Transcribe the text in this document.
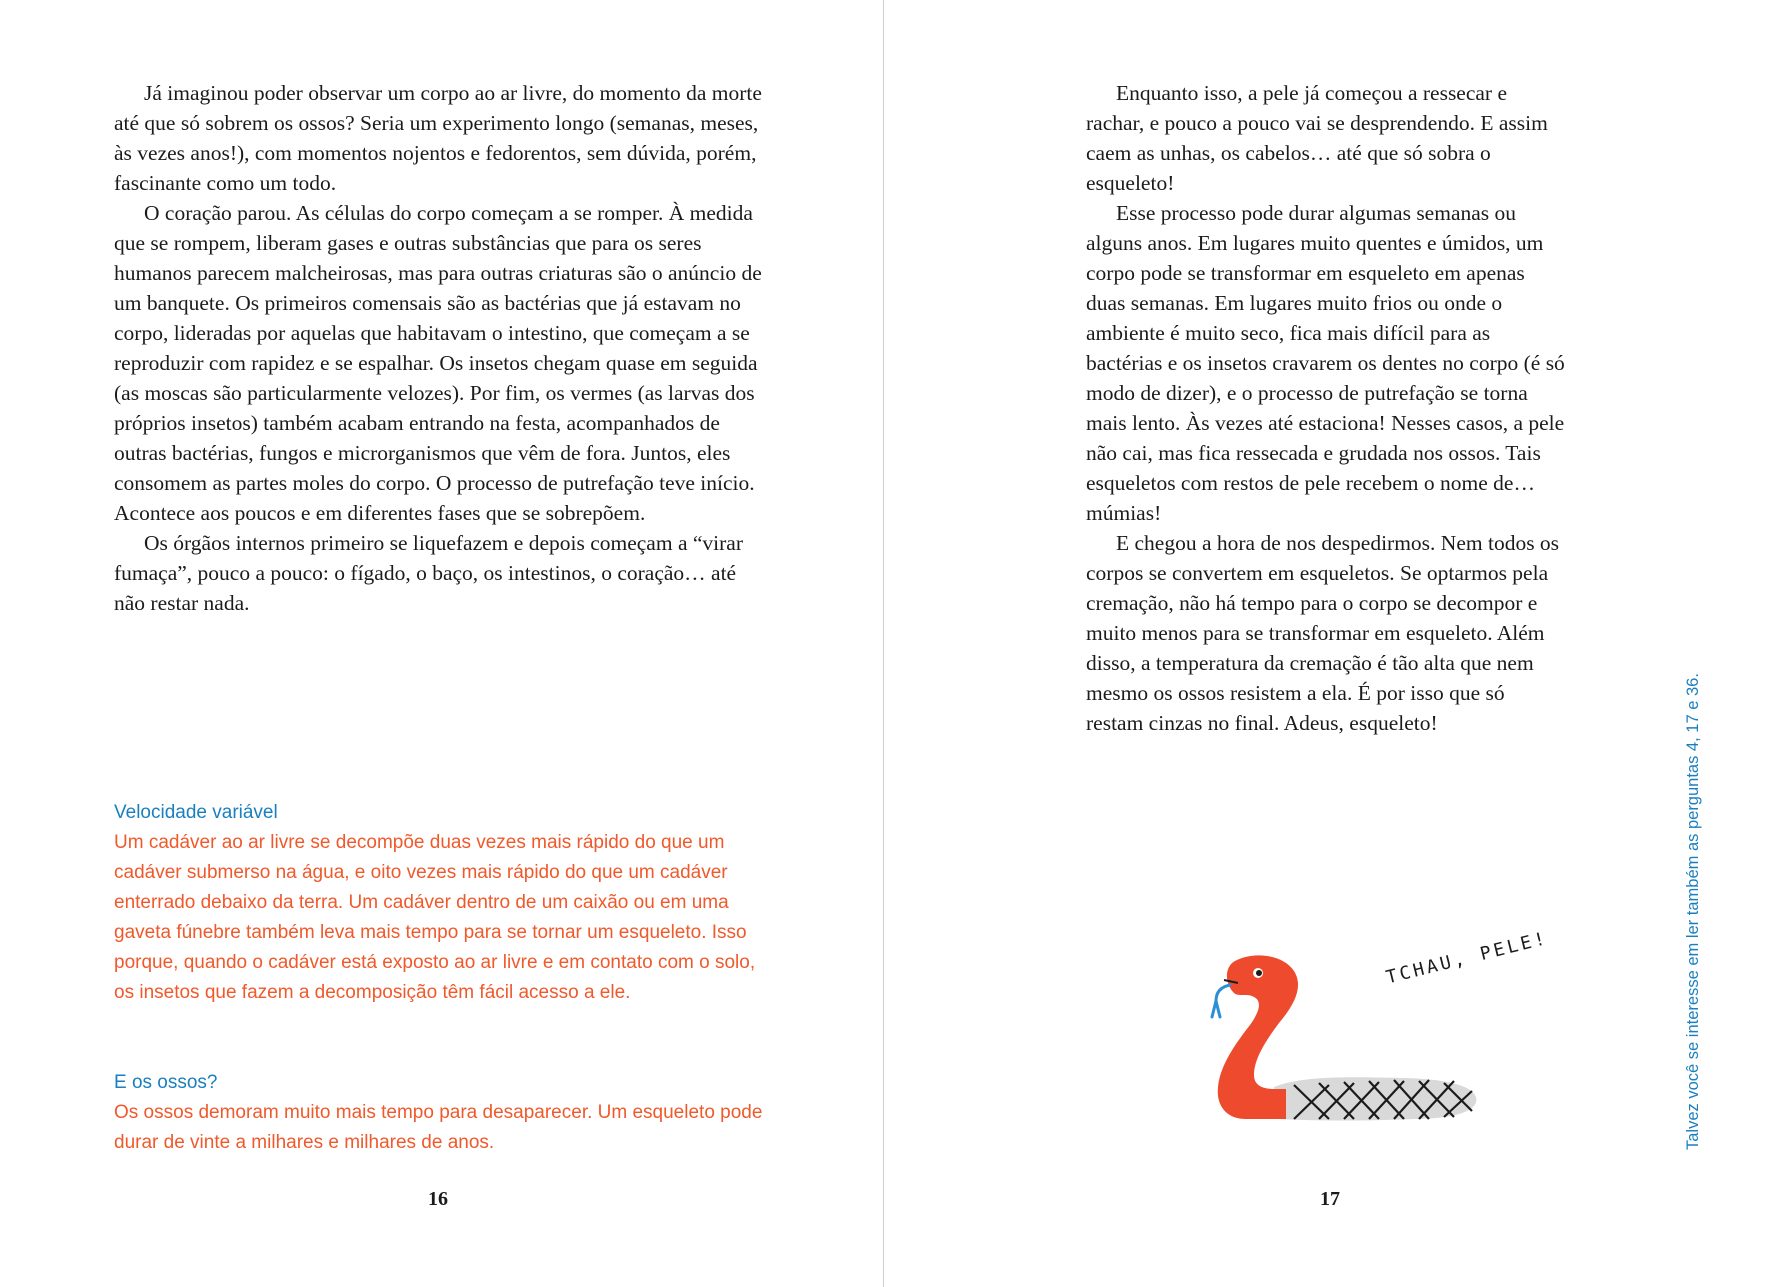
Já imaginou poder observar um corpo ao ar livre, do momento da morte até que só sobrem os ossos? Seria um experimento longo (semanas, meses, às vezes anos!), com momentos nojentos e fedorentos, sem dúvida, porém, fascinante como um todo.

O coração parou. As células do corpo começam a se romper. À medida que se rompem, liberam gases e outras substâncias que para os seres humanos parecem malcheirosas, mas para outras criaturas são o anúncio de um banquete. Os primeiros comensais são as bactérias que já estavam no corpo, lideradas por aquelas que habitavam o intestino, que começam a se reproduzir com rapidez e se espalhar. Os insetos chegam quase em seguida (as moscas são particularmente velozes). Por fim, os vermes (as larvas dos próprios insetos) também acabam entrando na festa, acompanhados de outras bactérias, fungos e microrganismos que vêm de fora. Juntos, eles consomem as partes moles do corpo. O processo de putrefação teve início. Acontece aos poucos e em diferentes fases que se sobrepõem.

Os órgãos internos primeiro se liquefazem e depois começam a “virar fumaça”, pouco a pouco: o fígado, o baço, os intestinos, o coração… até não restar nada.

Velocidade variável

Um cadáver ao ar livre se decompõe duas vezes mais rápido do que um cadáver submerso na água, e oito vezes mais rápido do que um cadáver enterrado debaixo da terra. Um cadáver dentro de um caixão ou em uma gaveta fúnebre também leva mais tempo para se tornar um esqueleto. Isso porque, quando o cadáver está exposto ao ar livre e em contato com o solo, os insetos que fazem a decomposição têm fácil acesso a ele.

E os ossos?

Os ossos demoram muito mais tempo para desaparecer. Um esqueleto pode durar de vinte a milhares e milhares de anos.

16

Enquanto isso, a pele já começou a ressecar e rachar, e pouco a pouco vai se desprendendo. E assim caem as unhas, os cabelos… até que só sobra o esqueleto!

Esse processo pode durar algumas semanas ou alguns anos. Em lugares muito quentes e úmidos, um corpo pode se transformar em esqueleto em apenas duas semanas. Em lugares muito frios ou onde o ambiente é muito seco, fica mais difícil para as bactérias e os insetos cravarem os dentes no corpo (é só modo de dizer), e o processo de putrefação se torna mais lento. Às vezes até estaciona! Nesses casos, a pele não cai, mas fica ressecada e grudada nos ossos. Tais esqueletos com restos de pele recebem o nome de… múmias!

E chegou a hora de nos despedirmos. Nem todos os corpos se convertem em esqueletos. Se optarmos pela cremação, não há tempo para o corpo se decompor e muito menos para se transformar em esqueleto. Além disso, a temperatura da cremação é tão alta que nem mesmo os ossos resistem a ela. É por isso que só restam cinzas no final. Adeus, esqueleto!

TCHAU, PELE!
17
Talvez você se interesse em ler também as perguntas 4, 17 e 36.
